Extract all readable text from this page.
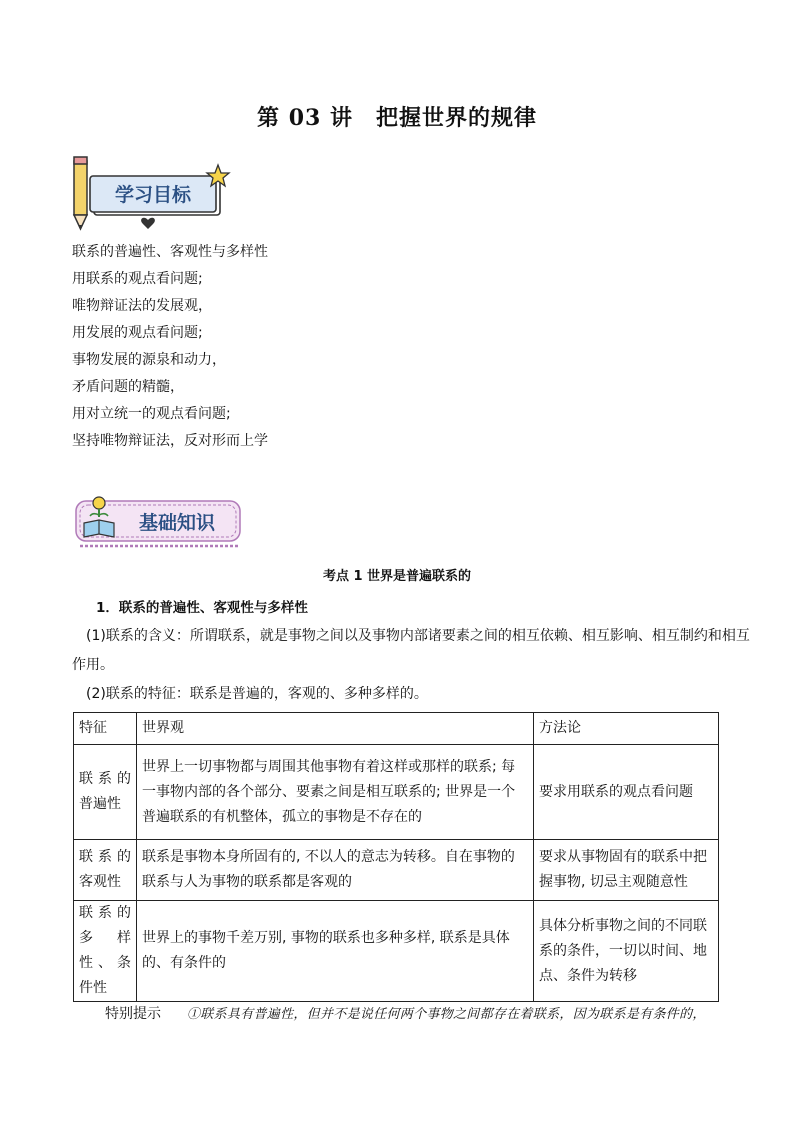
第 03 讲　把握世界的规律
学习目标
联系的普遍性、客观性与多样性
用联系的观点看问题;
唯物辩证法的发展观，
用发展的观点看问题;
事物发展的源泉和动力，
矛盾问题的精髓，
用对立统一的观点看问题;
坚持唯物辩证法，反对形而上学
基础知识
考点 1 世界是普遍联系的
1．联系的普遍性、客观性与多样性
(1)联系的含义：所谓联系，就是事物之间以及事物内部诸要素之间的相互依赖、相互影响、相互制约和相互作用。
(2)联系的特征：联系是普遍的，客观的、多种多样的。
特征	世界观	方法论
联 系 的普遍性	世界上一切事物都与周围其他事物有着这样或那样的联系; 每一事物内部的各个部分、要素之间是相互联系的; 世界是一个普遍联系的有机整体，孤立的事物是不存在的	要求用联系的观点看问题
联 系 的客观性	联系是事物本身所固有的, 不以人的意志为转移。自在事物的联系与人为事物的联系都是客观的	要求从事物固有的联系中把握事物, 切忌主观随意性
联 系 的多样性、条件性	世界上的事物千差万别, 事物的联系也多种多样, 联系是具体的、有条件的	具体分析事物之间的不同联系的条件，一切以时间、地点、条件为转移
特别提示 ①联系具有普遍性，但并不是说任何两个事物之间都存在着联系，因为联系是有条件的，
